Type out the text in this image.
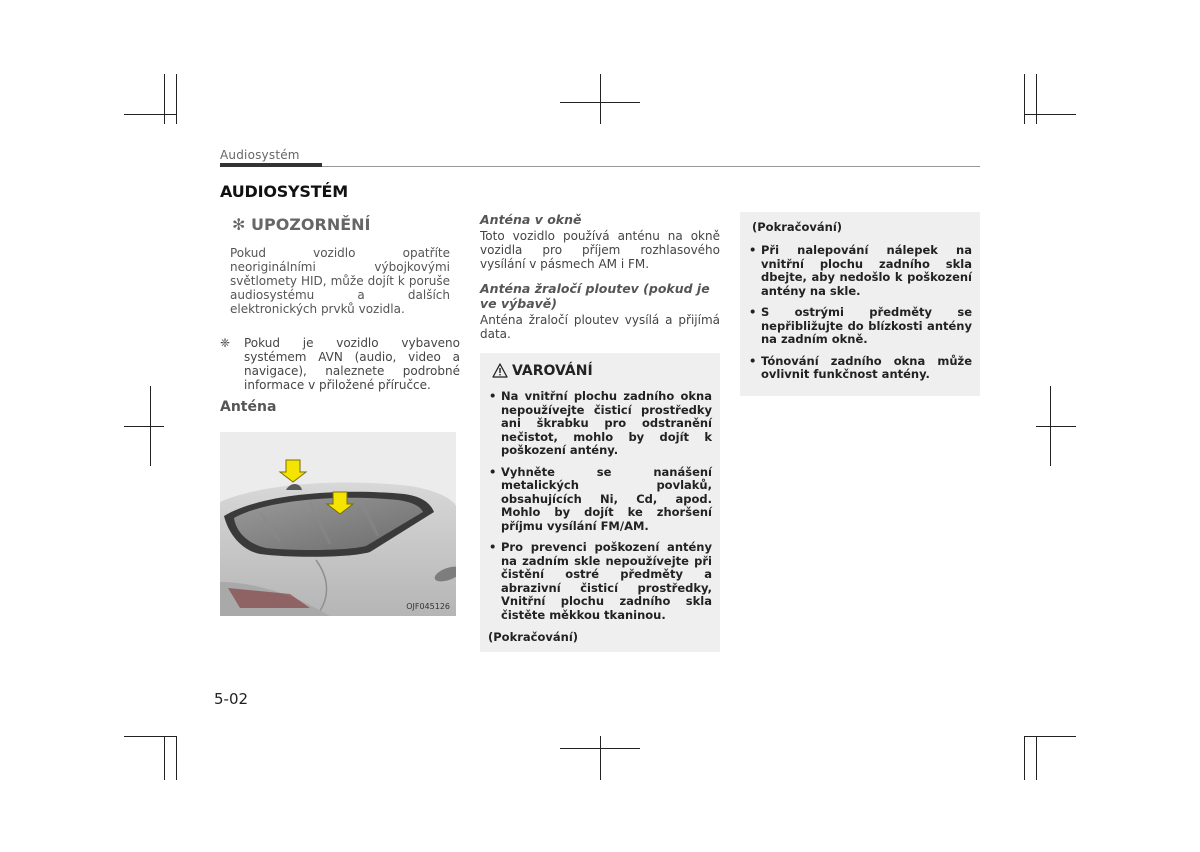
Audiosystém
AUDIOSYSTÉM
✻ UPOZORNĚNÍ
Pokud vozidlo opatříte neoriginálními výbojkovými světlomety HID, může dojít k poruše audiosystému a dalších elektronických prvků vozidla.
❈	Pokud je vozidlo vybaveno systémem AVN (audio, video a navigace), naleznete podrobné informace v přiložené příručce.
Anténa
OJF045126
Anténa v okně
Toto vozidlo používá anténu na okně vozidla pro příjem rozhlasového vysílání v pásmech AM i FM.
Anténa žraločí ploutev (pokud je ve výbavě)
Anténa žraločí ploutev vysílá a přijímá data.
VAROVÁNÍ
• Na vnitřní plochu zadního okna nepoužívejte čisticí prostředky ani škrabku pro odstranění nečistot, mohlo by dojít k poškození antény.
• Vyhněte se nanášení metalických povlaků, obsahujících Ni, Cd, apod. Mohlo by dojít ke zhoršení příjmu vysílání FM/AM.
• Pro prevenci poškození antény na zadním skle nepoužívejte při čistění ostré předměty a abrazivní čisticí prostředky, Vnitřní plochu zadního skla čistěte měkkou tkaninou.
(Pokračování)
(Pokračování)
• Při nalepování nálepek na vnitřní plochu zadního skla dbejte, aby nedošlo k poškození antény na skle.
• S ostrými předměty se nepřibližujte do blízkosti antény na zadním okně.
• Tónování zadního okna může ovlivnit funkčnost antény.
5-02
